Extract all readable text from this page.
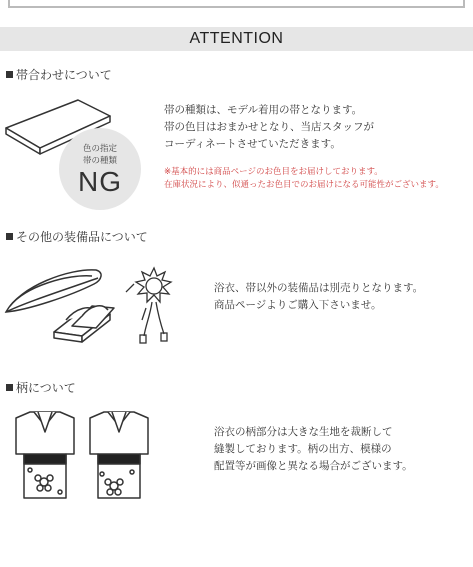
ATTENTION
帯合わせについて
色の指定
帯の種類
NG
帯の種類は、モデル着用の帯となります。
帯の色目はおまかせとなり、当店スタッフが
コーディネートさせていただきます。
※基本的には商品ページのお色目をお届けしております。
在庫状況により、似通ったお色目でのお届けになる可能性がございます。
その他の装備品について
浴衣、帯以外の装備品は別売りとなります。
商品ページよりご購入下さいませ。
柄について
浴衣の柄部分は大きな生地を裁断して
縫製しております。柄の出方、模様の
配置等が画像と異なる場合がございます。
